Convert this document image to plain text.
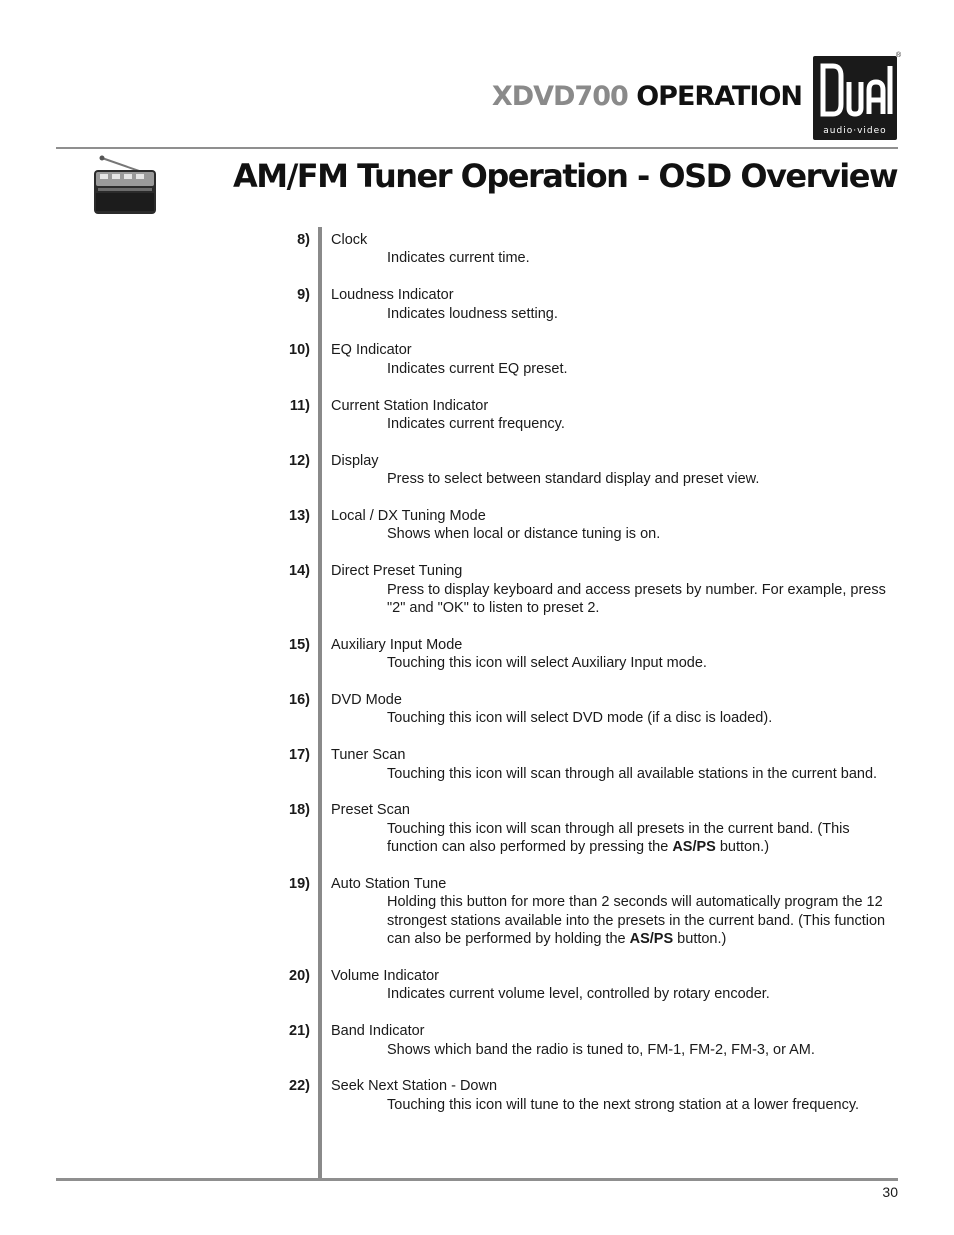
XDVD700 OPERATION
audio·video
®
AM/FM Tuner Operation - OSD Overview
8) Clock
Indicates current time.
9) Loudness Indicator
Indicates loudness setting.
10) EQ Indicator
Indicates current EQ preset.
11) Current Station Indicator
Indicates current frequency.
12) Display
Press to select between standard display and preset view.
13) Local / DX Tuning Mode
Shows when local or distance tuning is on.
14) Direct Preset Tuning
Press to display keyboard and access presets by number. For example, press "2" and "OK" to listen to preset 2.
15) Auxiliary Input Mode
Touching this icon will select Auxiliary Input mode.
16) DVD Mode
Touching this icon will select DVD mode (if a disc is loaded).
17) Tuner Scan
Touching this icon will scan through all available stations in the current band.
18) Preset Scan
Touching this icon will scan through all presets in the current band. (This function can also performed by pressing the AS/PS button.)
19) Auto Station Tune
Holding this button for more than 2 seconds will automatically program the 12 strongest stations available into the presets in the current band. (This function can also be performed by holding the AS/PS button.)
20) Volume Indicator
Indicates current volume level, controlled by rotary encoder.
21) Band Indicator
Shows which band the radio is tuned to, FM-1, FM-2, FM-3, or AM.
22) Seek Next Station - Down
Touching this icon will tune to the next strong station at a lower frequency.
30
